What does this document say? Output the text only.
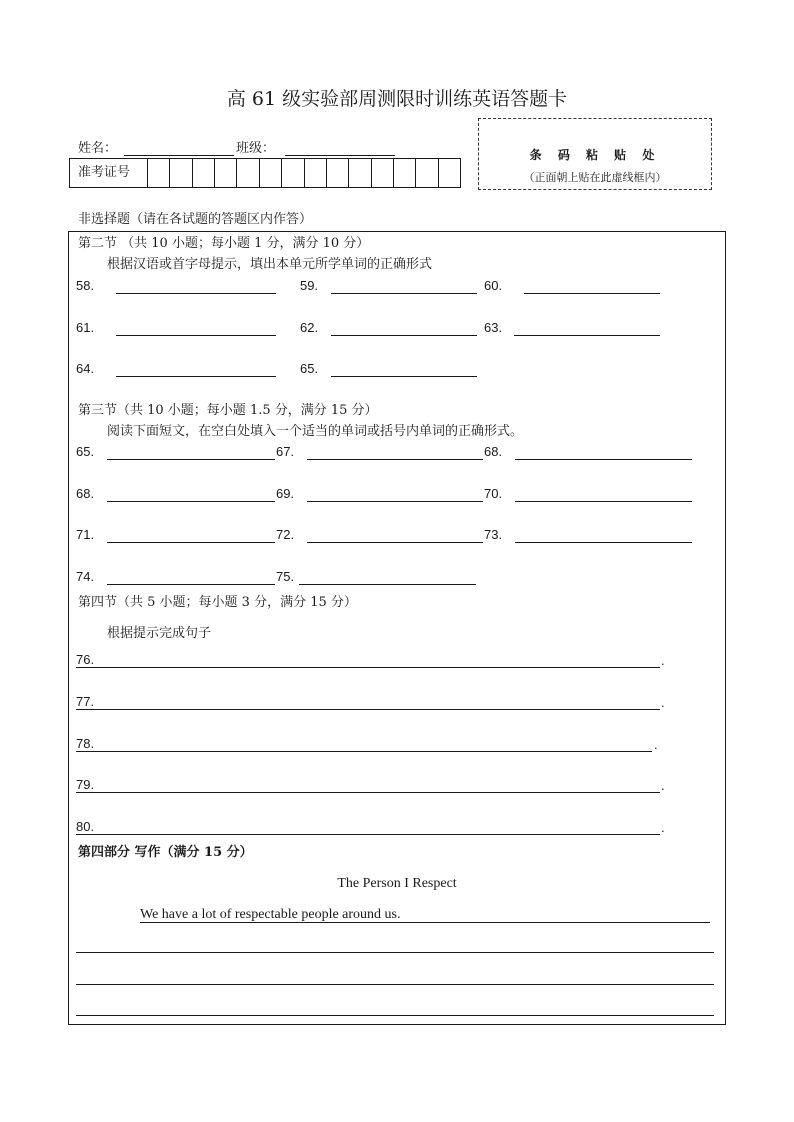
高 61 级实验部周测限时训练英语答题卡
姓名：	班级：
准考证号
条 码 粘 贴 处
（正面朝上贴在此虚线框内）
非选择题（请在各试题的答题区内作答）
第二节 （共 10 小题；每小题 1 分，满分 10 分）
根据汉语或首字母提示，填出本单元所学单词的正确形式
58.	59.	60.
61.	62.	63.
64.	65.
第三节（共 10 小题；每小题 1.5 分，满分 15 分）
阅读下面短文，在空白处填入一个适当的单词或括号内单词的正确形式。
65.	67.	68.
68.	69.	70.
71.	72.	73.
74.	75.
第四节（共 5 小题；每小题 3 分，满分 15 分）
根据提示完成句子
76.	.
77.	.
78.	.
79.	.
80.	.
第四部分 写作（满分 15 分）
The Person I Respect
We have a lot of respectable people around us.
